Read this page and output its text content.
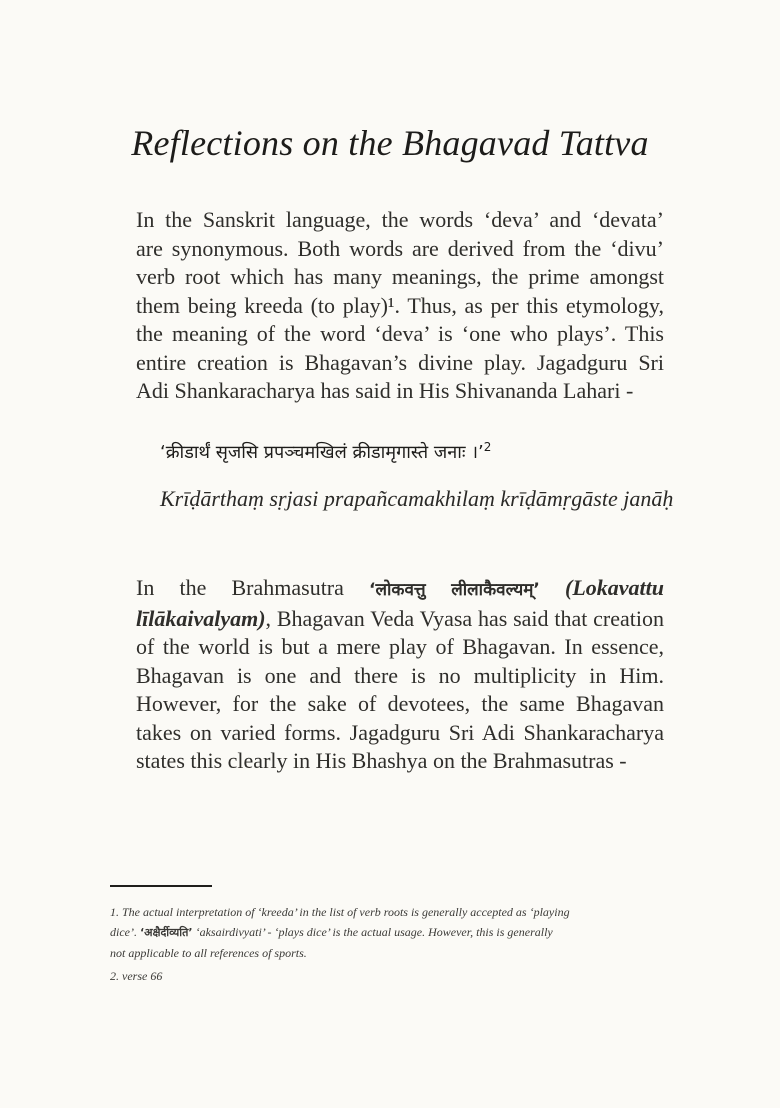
Reflections on the Bhagavad Tattva
In the Sanskrit language, the words ‘deva’ and ‘devata’
are synonymous. Both words are derived from the ‘divu’
verb root which has many meanings, the prime amongst
them being kreeda (to play)¹. Thus, as per this etymology,
the meaning of the word ‘deva’ is ‘one who plays’. This
entire creation is Bhagavan’s divine play. Jagadguru Sri
Adi Shankaracharya has said in His Shivananda Lahari -
‘क्रीडार्थं सृजसि प्रपञ्चमखिलं क्रीडामृगास्ते जनाः ।’$^2$
Krīḍārthaṃ sṛjasi prapañcamakhilaṃ krīḍāmṛgāste janāḥ
In the Brahmasutra ‘लोकवत्तु लीलाकैवल्यम्’ (Lokavattu
līlākaivalyam), Bhagavan Veda Vyasa has said that creation
of the world is but a mere play of Bhagavan. In essence,
Bhagavan is one and there is no multiplicity in Him.
However, for the sake of devotees, the same Bhagavan
takes on varied forms. Jagadguru Sri Adi Shankaracharya
states this clearly in His Bhashya on the Brahmasutras -
1. The actual interpretation of ‘kreeda’ in the list of verb roots is generally accepted as ‘playing
dice’. ‘अक्षैर्दीव्यति’ ‘aksairdivyati’ - ‘plays dice’ is the actual usage. However, this is generally
not applicable to all references of sports.
2. verse 66
